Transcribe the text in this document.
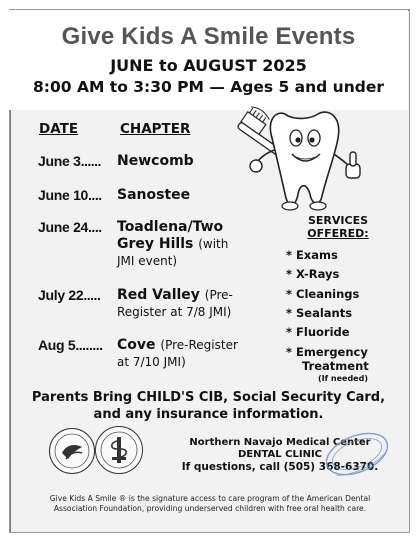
Give Kids A Smile Events
JUNE to AUGUST 2025
8:00 AM to 3:30 PM — Ages 5 and under
DATE	CHAPTER
June 3...... Newcomb
June 10.... Sanostee
June 24.... Toadlena/Two
Grey Hills (with
JMI event)
July 22..... Red Valley (Pre-
Register at 7/8 JMI)
Aug 5........ Cove (Pre-Register
at 7/10 JMI)
SERVICES
OFFERED:
* Exams
* X-Rays
* Cleanings
* Sealants
* Fluoride
* Emergency
Treatment
(If needed)
Parents Bring CHILD'S CIB, Social Security Card,
and any insurance information.
Northern Navajo Medical Center
DENTAL CLINIC
If questions, call (505) 368-6370.
Give Kids A Smile ® is the signature access to care program of the American Dental
Association Foundation, providing underserved children with free oral health care.
